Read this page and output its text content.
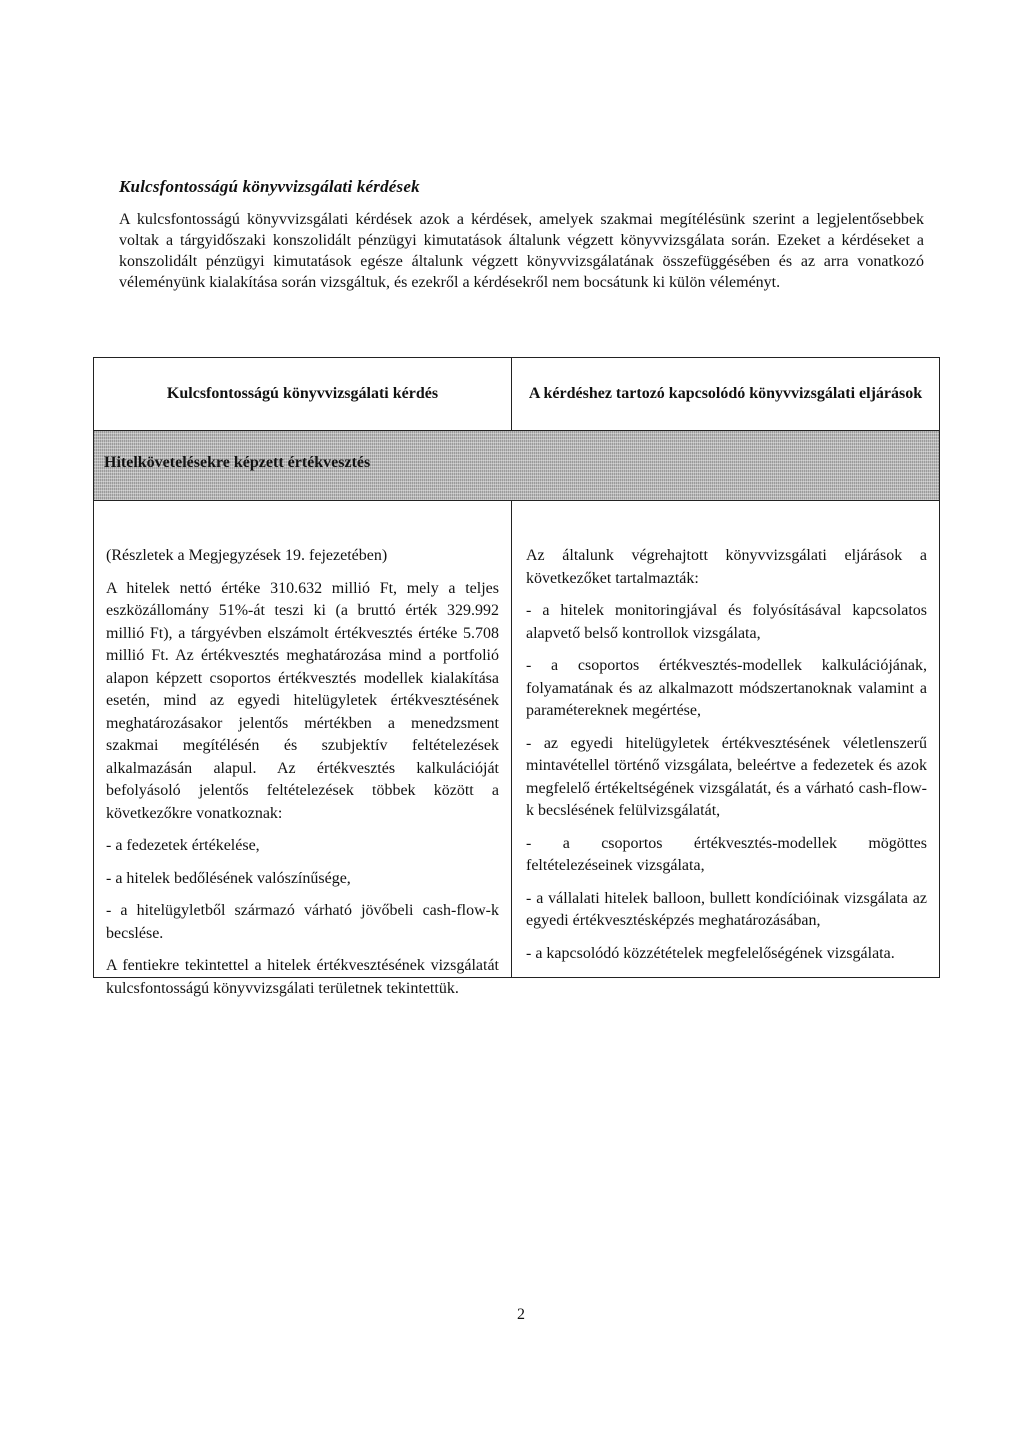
Kulcsfontosságú könyvvizsgálati kérdések
A kulcsfontosságú könyvvizsgálati kérdések azok a kérdések, amelyek szakmai megítélésünk szerint a legjelentősebbek voltak a tárgyidőszaki konszolidált pénzügyi kimutatások általunk végzett könyvvizsgálata során. Ezeket a kérdéseket a konszolidált pénzügyi kimutatások egésze általunk végzett könyvvizsgálatának összefüggésében és az arra vonatkozó véleményünk kialakítása során vizsgáltuk, és ezekről a kérdésekről nem bocsátunk ki külön véleményt.
Kulcsfontosságú könyvvizsgálati kérdés	A kérdéshez tartozó kapcsolódó könyvvizsgálati eljárások
Hitelkövetelésekre képzett értékvesztés

(Részletek a Megjegyzések 19. fejezetében)

A hitelek nettó értéke 310.632 millió Ft, mely a teljes eszközállomány 51%-át teszi ki (a bruttó érték 329.992 millió Ft), a tárgyévben elszámolt értékvesztés értéke 5.708 millió Ft. Az értékvesztés meghatározása mind a portfolió alapon képzett csoportos értékvesztés modellek kialakítása esetén, mind az egyedi hitelügyletek értékvesztésének meghatározásakor jelentős mértékben a menedzsment szakmai megítélésén és szubjektív feltételezések alkalmazásán alapul. Az értékvesztés kalkulációját befolyásoló jelentős feltételezések többek között a következőkre vonatkoznak:

- a fedezetek értékelése,

- a hitelek bedőlésének valószínűsége,

- a hitelügyletből származó várható jövőbeli cash-flow-k becslése.

A fentiekre tekintettel a hitelek értékvesztésének vizsgálatát kulcsfontosságú könyvvizsgálati területnek tekintettük.

Az általunk végrehajtott könyvvizsgálati eljárások a következőket tartalmazták:

- a hitelek monitoringjával és folyósításával kapcsolatos alapvető belső kontrollok vizsgálata,

- a csoportos értékvesztés-modellek kalkulációjának, folyamatának és az alkalmazott módszertanoknak valamint a paramétereknek megértése,

- az egyedi hitelügyletek értékvesztésének véletlenszerű mintavétellel történő vizsgálata, beleértve a fedezetek és azok megfelelő értékeltségének vizsgálatát, és a várható cash-flow-k becslésének felülvizsgálatát,

- a csoportos értékvesztés-modellek mögöttes feltételezéseinek vizsgálata,

- a vállalati hitelek balloon, bullett kondícióinak vizsgálata az egyedi értékvesztésképzés meghatározásában,

- a kapcsolódó közzétételek megfelelőségének vizsgálata.

2
